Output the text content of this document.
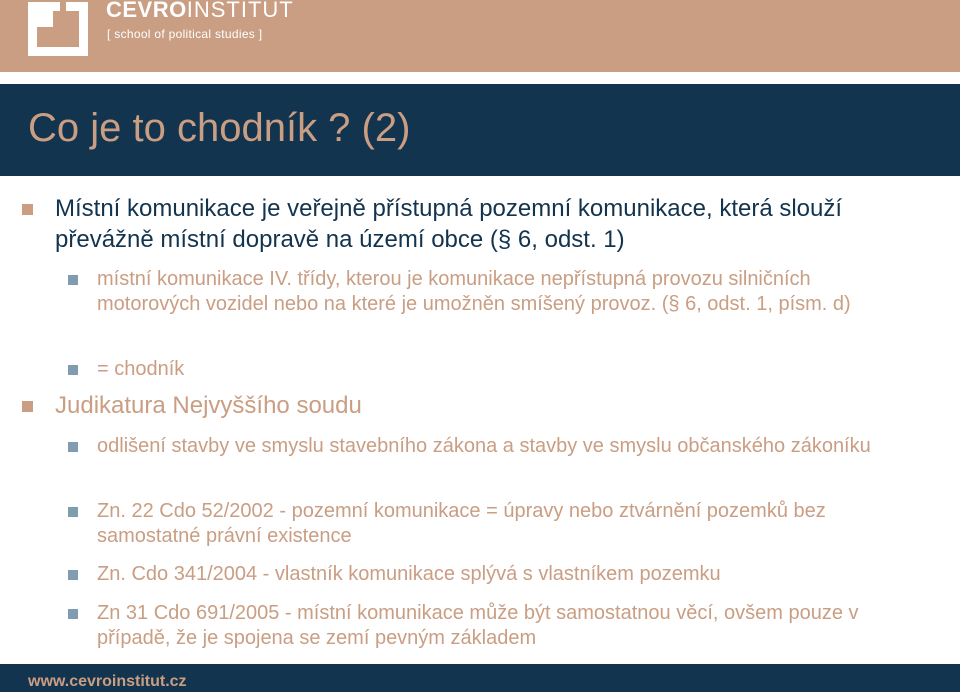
CEVROINSTITUT
[ school of political studies ]
Co je to chodník ? (2)
Místní komunikace je veřejně přístupná pozemní komunikace, která slouží převážně místní dopravě na území obce (§ 6, odst. 1)
místní komunikace IV. třídy, kterou je komunikace nepřístupná provozu silničních motorových vozidel nebo na které je umožněn smíšený provoz. (§ 6, odst. 1, písm. d)
= chodník
Judikatura Nejvyššího soudu
odlišení stavby ve smyslu stavebního zákona a stavby ve smyslu občanského zákoníku
Zn. 22 Cdo 52/2002 - pozemní komunikace = úpravy nebo ztvárnění pozemků bez samostatné právní existence
Zn. Cdo 341/2004 - vlastník komunikace splývá s vlastníkem pozemku
Zn 31 Cdo 691/2005 - místní komunikace může být samostatnou věcí, ovšem pouze v případě, že je spojena se zemí pevným základem
www.cevroinstitut.cz
